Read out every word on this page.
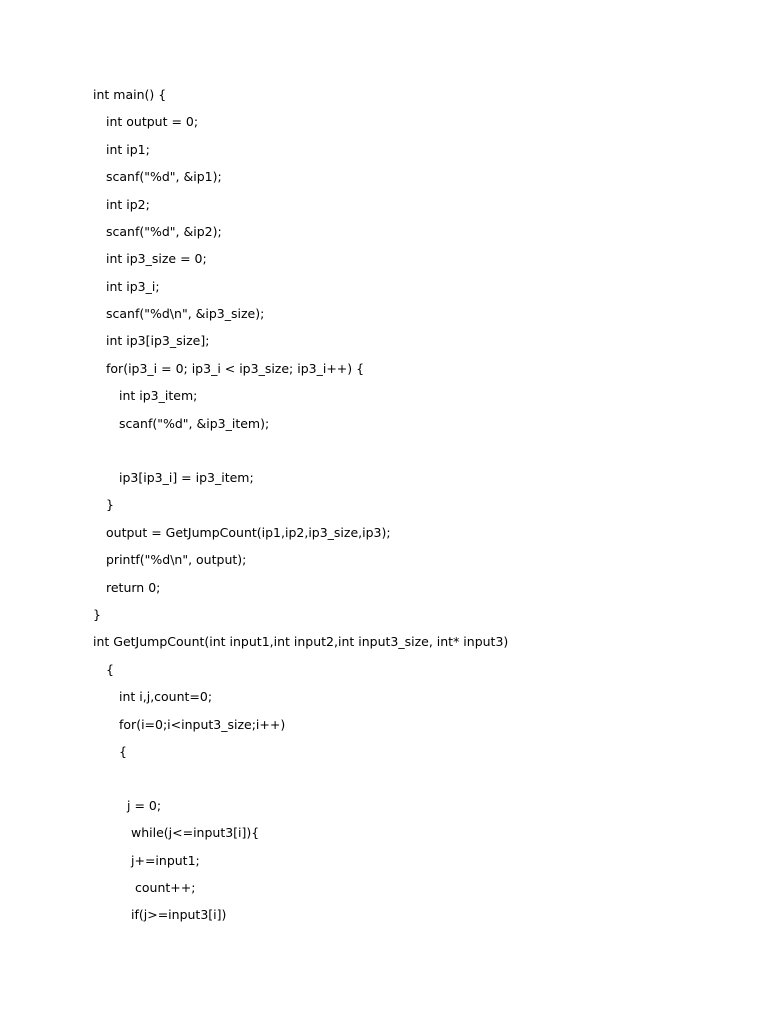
int main() {
int output = 0;
int ip1;
scanf("%d", &ip1);
int ip2;
scanf("%d", &ip2);
int ip3_size = 0;
int ip3_i;
scanf("%d\n", &ip3_size);
int ip3[ip3_size];
for(ip3_i = 0; ip3_i < ip3_size; ip3_i++) {
int ip3_item;
scanf("%d", &ip3_item);
ip3[ip3_i] = ip3_item;
}
output = GetJumpCount(ip1,ip2,ip3_size,ip3);
printf("%d\n", output);
return 0;
}
int GetJumpCount(int input1,int input2,int input3_size, int* input3)
{
int i,j,count=0;
for(i=0;i<input3_size;i++)
{
j = 0;
while(j<=input3[i]){
j+=input1;
count++;
if(j>=input3[i])
